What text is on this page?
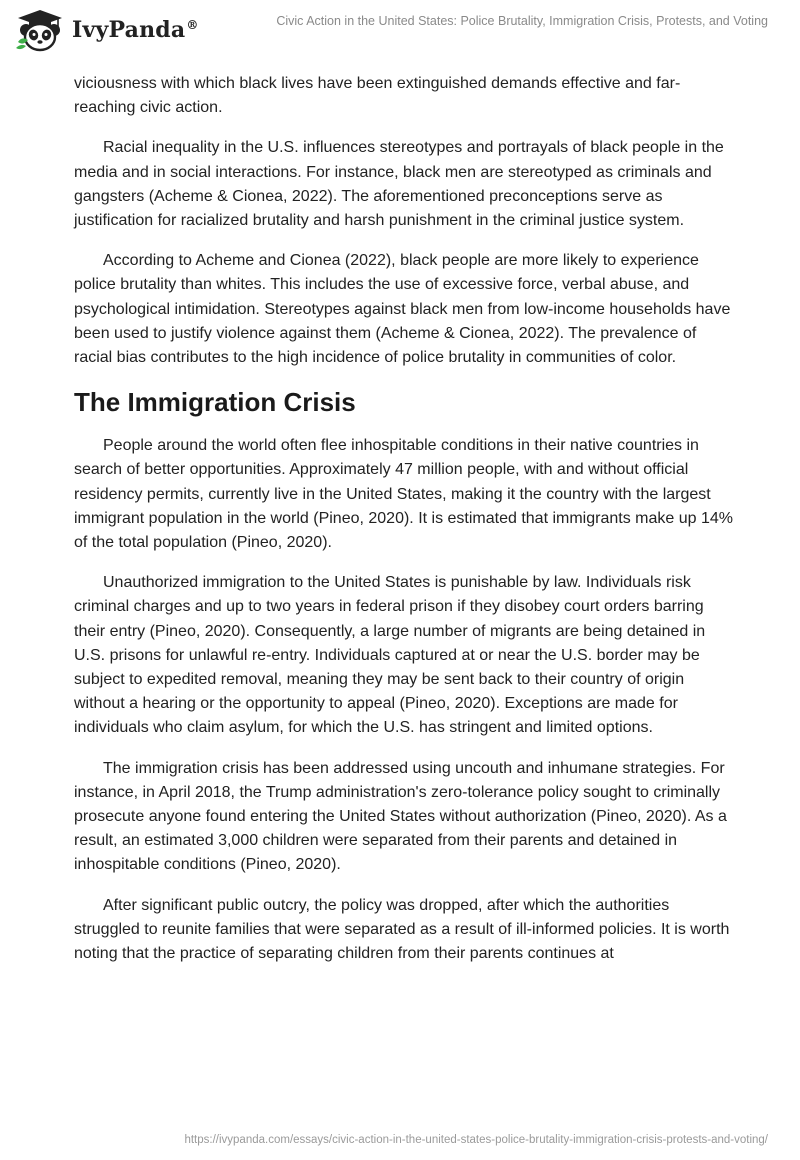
IvyPanda®	Civic Action in the United States: Police Brutality, Immigration Crisis, Protests, and Voting

viciousness with which black lives have been extinguished demands effective and far-reaching civic action.

Racial inequality in the U.S. influences stereotypes and portrayals of black people in the media and in social interactions. For instance, black men are stereotyped as criminals and gangsters (Acheme & Cionea, 2022). The aforementioned preconceptions serve as justification for racialized brutality and harsh punishment in the criminal justice system.

According to Acheme and Cionea (2022), black people are more likely to experience police brutality than whites. This includes the use of excessive force, verbal abuse, and psychological intimidation. Stereotypes against black men from low-income households have been used to justify violence against them (Acheme & Cionea, 2022). The prevalence of racial bias contributes to the high incidence of police brutality in communities of color.

The Immigration Crisis

People around the world often flee inhospitable conditions in their native countries in search of better opportunities. Approximately 47 million people, with and without official residency permits, currently live in the United States, making it the country with the largest immigrant population in the world (Pineo, 2020). It is estimated that immigrants make up 14% of the total population (Pineo, 2020).

Unauthorized immigration to the United States is punishable by law. Individuals risk criminal charges and up to two years in federal prison if they disobey court orders barring their entry (Pineo, 2020). Consequently, a large number of migrants are being detained in U.S. prisons for unlawful re-entry. Individuals captured at or near the U.S. border may be subject to expedited removal, meaning they may be sent back to their country of origin without a hearing or the opportunity to appeal (Pineo, 2020). Exceptions are made for individuals who claim asylum, for which the U.S. has stringent and limited options.

The immigration crisis has been addressed using uncouth and inhumane strategies. For instance, in April 2018, the Trump administration's zero-tolerance policy sought to criminally prosecute anyone found entering the United States without authorization (Pineo, 2020). As a result, an estimated 3,000 children were separated from their parents and detained in inhospitable conditions (Pineo, 2020).

After significant public outcry, the policy was dropped, after which the authorities struggled to reunite families that were separated as a result of ill-informed policies. It is worth noting that the practice of separating children from their parents continues at

https://ivypanda.com/essays/civic-action-in-the-united-states-police-brutality-immigration-crisis-protests-and-voting/
